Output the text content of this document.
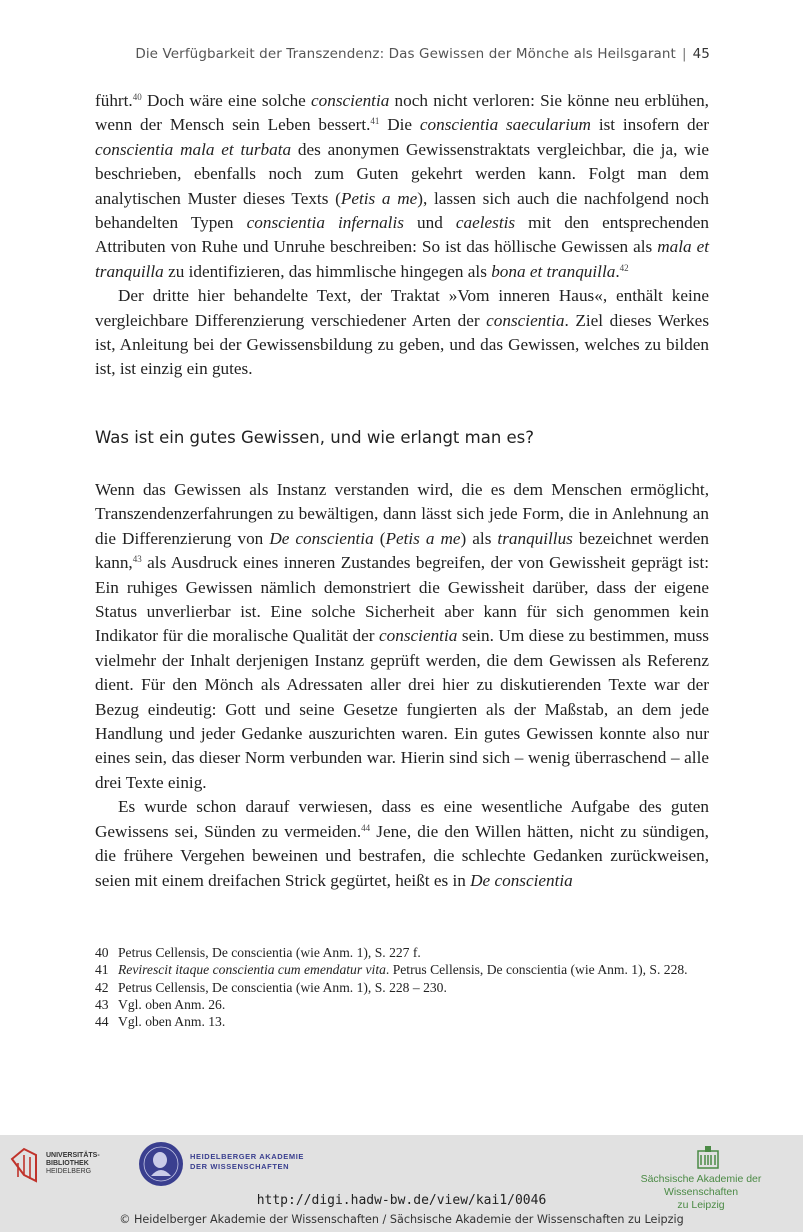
Die Verfügbarkeit der Transzendenz: Das Gewissen der Mönche als Heilsgarant | 45

führt.$^{40}$ Doch wäre eine solche conscientia noch nicht verloren: Sie könne neu erblühen, wenn der Mensch sein Leben bessert.$^{41}$ Die conscientia saecularium ist insofern der conscientia mala et turbata des anonymen Gewissenstraktats vergleichbar, die ja, wie beschrieben, ebenfalls noch zum Guten gekehrt werden kann. Folgt man dem analytischen Muster dieses Texts (Petis a me), lassen sich auch die nachfolgend noch behandelten Typen conscientia infernalis und caelestis mit den entsprechenden Attributen von Ruhe und Unruhe beschreiben: So ist das höllische Gewissen als mala et tranquilla zu identifizieren, das himmlische hingegen als bona et tranquilla.$^{42}$

Der dritte hier behandelte Text, der Traktat »Vom inneren Haus«, enthält keine vergleichbare Differenzierung verschiedener Arten der conscientia. Ziel dieses Werkes ist, Anleitung bei der Gewissensbildung zu geben, und das Gewissen, welches zu bilden ist, ist einzig ein gutes.

Was ist ein gutes Gewissen, und wie erlangt man es?

Wenn das Gewissen als Instanz verstanden wird, die es dem Menschen ermöglicht, Transzendenzerfahrungen zu bewältigen, dann lässt sich jede Form, die in Anlehnung an die Differenzierung von De conscientia (Petis a me) als tranquillus bezeichnet werden kann,$^{43}$ als Ausdruck eines inneren Zustandes begreifen, der von Gewissheit geprägt ist: Ein ruhiges Gewissen nämlich demonstriert die Gewissheit darüber, dass der eigene Status unverlierbar ist. Eine solche Sicherheit aber kann für sich genommen kein Indikator für die moralische Qualität der conscientia sein. Um diese zu bestimmen, muss vielmehr der Inhalt derjenigen Instanz geprüft werden, die dem Gewissen als Referenz dient. Für den Mönch als Adressaten aller drei hier zu diskutierenden Texte war der Bezug eindeutig: Gott und seine Gesetze fungierten als der Maßstab, an dem jede Handlung und jeder Gedanke auszurichten waren. Ein gutes Gewissen konnte also nur eines sein, das dieser Norm verbunden war. Hierin sind sich – wenig überraschend – alle drei Texte einig.

Es wurde schon darauf verwiesen, dass es eine wesentliche Aufgabe des guten Gewissens sei, Sünden zu vermeiden.$^{44}$ Jene, die den Willen hätten, nicht zu sündigen, die frühere Vergehen beweinen und bestrafen, die schlechte Gedanken zurückweisen, seien mit einem dreifachen Strick gegürtet, heißt es in De conscientia

40 Petrus Cellensis, De conscientia (wie Anm. 1), S. 227 f.
41 Revirescit itaque conscientia cum emendatur vita. Petrus Cellensis, De conscientia (wie Anm. 1), S. 228.
42 Petrus Cellensis, De conscientia (wie Anm. 1), S. 228 – 230.
43 Vgl. oben Anm. 26.
44 Vgl. oben Anm. 13.
UNIVERSITÄTS-
BIBLIOTHEK
HEIDELBERG
HEIDELBERGER AKADEMIE
DER WISSENSCHAFTEN
Sächsische Akademie der Wissenschaften
zu Leipzig
http://digi.hadw-bw.de/view/kai1/0046
© Heidelberger Akademie der Wissenschaften / Sächsische Akademie der Wissenschaften zu Leipzig
